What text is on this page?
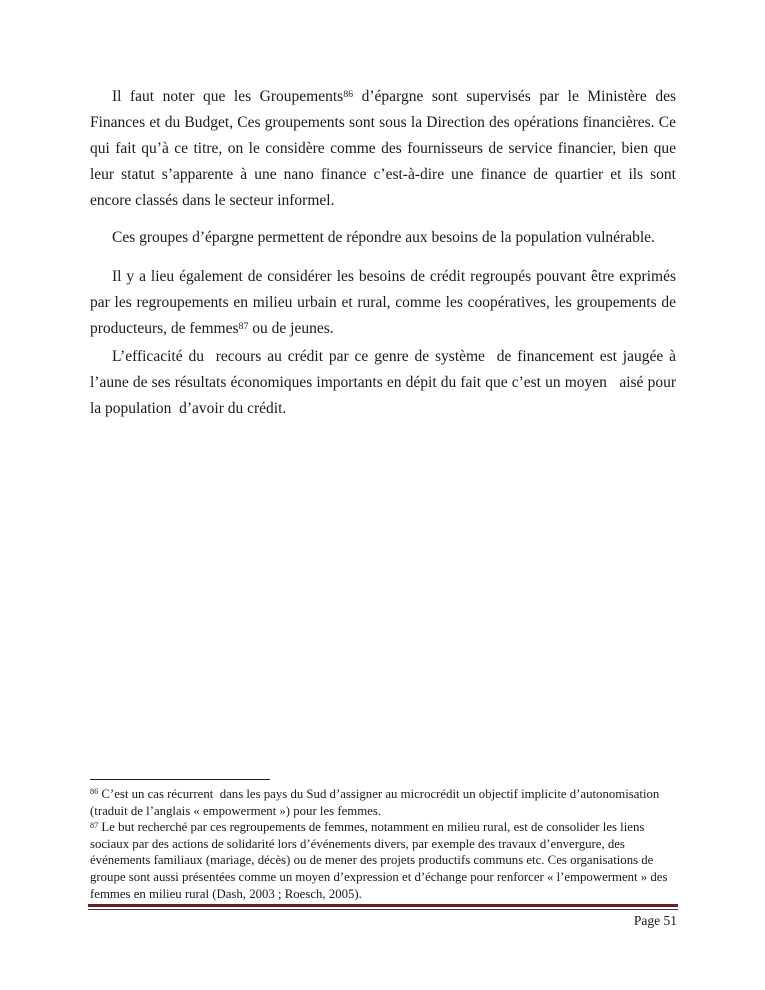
Il faut noter que les Groupements$^{86}$ d’épargne sont supervisés par le Ministère des Finances et du Budget, Ces groupements sont sous la Direction des opérations financières. Ce qui fait qu’à ce titre, on le considère comme des fournisseurs de service financier, bien que leur statut s’apparente à une nano finance c’est-à-dire une finance de quartier et ils sont encore classés dans le secteur informel.

Ces groupes d’épargne permettent de répondre aux besoins de la population vulnérable.

Il y a lieu également de considérer les besoins de crédit regroupés pouvant être exprimés par les regroupements en milieu urbain et rural, comme les coopératives, les groupements de producteurs, de femmes$^{87}$ ou de jeunes.

L’efficacité du  recours au crédit par ce genre de système  de financement est jaugée à l’aune de ses résultats économiques importants en dépit du fait que c’est un moyen   aisé pour la population  d’avoir du crédit.

$^{86}$ C’est un cas récurrent  dans les pays du Sud d’assigner au microcrédit un objectif implicite d’autonomisation (traduit de l’anglais « empowerment ») pour les femmes.

$^{87}$ Le but recherché par ces regroupements de femmes, notamment en milieu rural, est de consolider les liens sociaux par des actions de solidarité lors d’événements divers, par exemple des travaux d’envergure, des événements familiaux (mariage, décès) ou de mener des projets productifs communs etc. Ces organisations de groupe sont aussi présentées comme un moyen d’expression et d’échange pour renforcer « l’empowerment » des femmes en milieu rural (Dash, 2003 ; Roesch, 2005).

Page 51
